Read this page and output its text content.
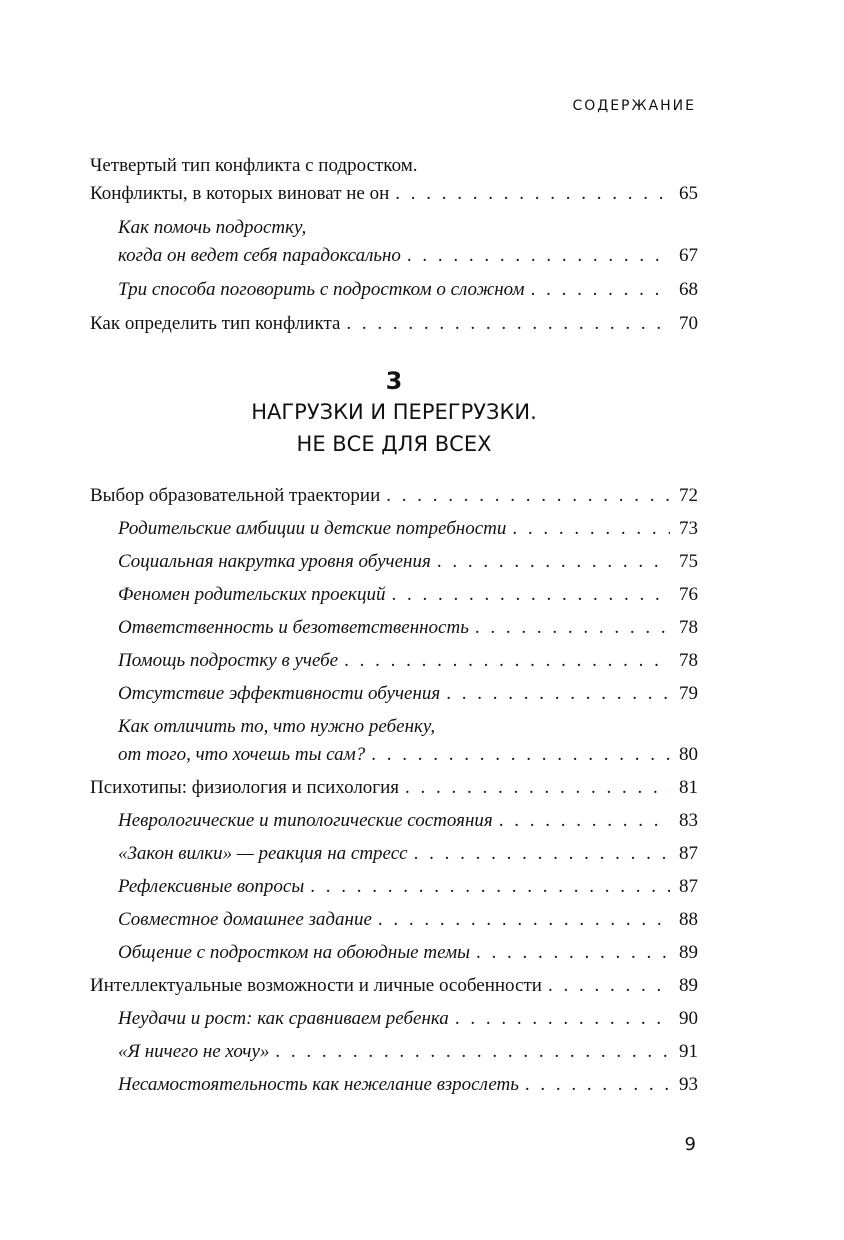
СОДЕРЖАНИЕ
Четвертый тип конфликта с подростком.
Конфликты, в которых виноват не он . . .	65
Как помочь подростку,
когда он ведет себя парадоксально . . .	67
Три способа поговорить с подростком о сложном . . .	68
Как определить тип конфликта . . .	70
3
НАГРУЗКИ И ПЕРЕГРУЗКИ.
НЕ ВСЕ ДЛЯ ВСЕХ
Выбор образовательной траектории . . .	72
Родительские амбиции и детские потребности . . .	73
Социальная накрутка уровня обучения . . .	75
Феномен родительских проекций . . .	76
Ответственность и безответственность . . .	78
Помощь подростку в учебе . . .	78
Отсутствие эффективности обучения . . .	79
Как отличить то, что нужно ребенку,
от того, что хочешь ты сам? . . .	80
Психотипы: физиология и психология . . .	81
Неврологические и типологические состояния . . .	83
«Закон вилки» — реакция на стресс . . .	87
Рефлексивные вопросы . . .	87
Совместное домашнее задание . . .	88
Общение с подростком на обоюдные темы . . .	89
Интеллектуальные возможности и личные особенности . . .	89
Неудачи и рост: как сравниваем ребенка . . .	90
«Я ничего не хочу» . . .	91
Несамостоятельность как нежелание взрослеть . . .	93
9
